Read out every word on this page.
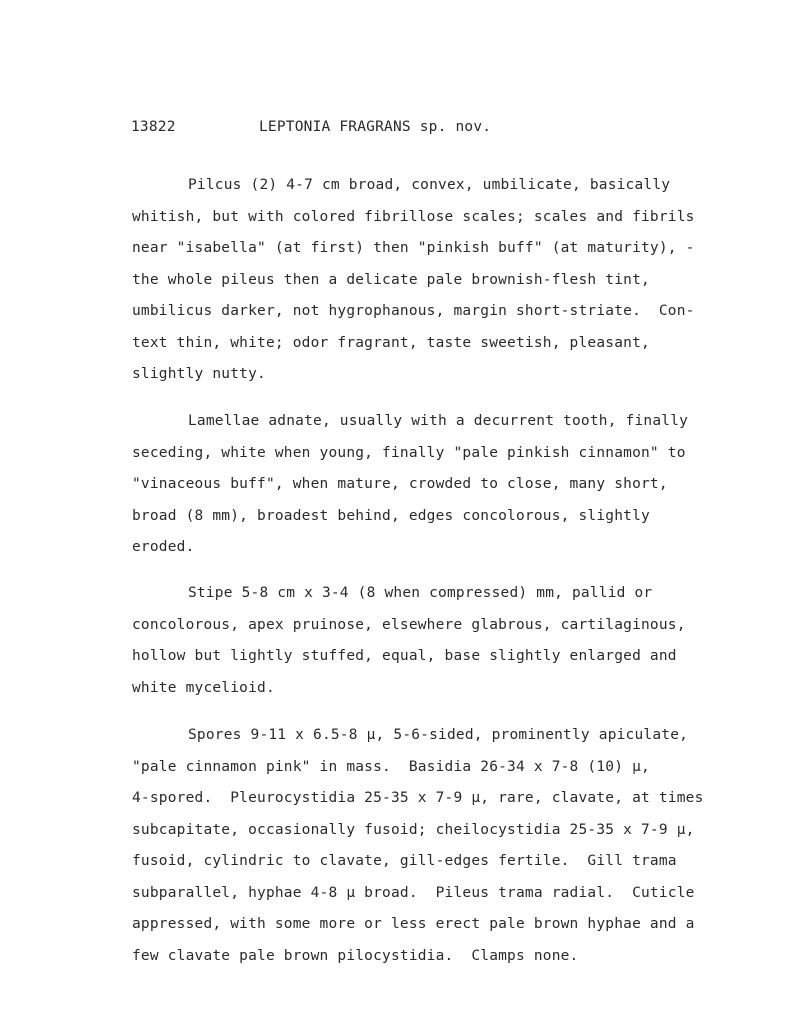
13822	LEPTONIA FRAGRANS sp. nov.
Pilcus (2) 4-7 cm broad, convex, umbilicate, basically
whitish, but with colored fibrillose scales; scales and fibrils
near "isabella" (at first) then "pinkish buff" (at maturity), -
the whole pileus then a delicate pale brownish-flesh tint,
umbilicus darker, not hygrophanous, margin short-striate.  Con-
text thin, white; odor fragrant, taste sweetish, pleasant,
slightly nutty.
Lamellae adnate, usually with a decurrent tooth, finally
seceding, white when young, finally "pale pinkish cinnamon" to
"vinaceous buff", when mature, crowded to close, many short,
broad (8 mm), broadest behind, edges concolorous, slightly
eroded.
Stipe 5-8 cm x 3-4 (8 when compressed) mm, pallid or
concolorous, apex pruinose, elsewhere glabrous, cartilaginous,
hollow but lightly stuffed, equal, base slightly enlarged and
white mycelioid.
Spores 9-11 x 6.5-8 µ, 5-6-sided, prominently apiculate,
"pale cinnamon pink" in mass.  Basidia 26-34 x 7-8 (10) µ,
4-spored.  Pleurocystidia 25-35 x 7-9 µ, rare, clavate, at times
subcapitate, occasionally fusoid; cheilocystidia 25-35 x 7-9 µ,
fusoid, cylindric to clavate, gill-edges fertile.  Gill trama
subparallel, hyphae 4-8 µ broad.  Pileus trama radial.  Cuticle
appressed, with some more or less erect pale brown hyphae and a
few clavate pale brown pilocystidia.  Clamps none.
